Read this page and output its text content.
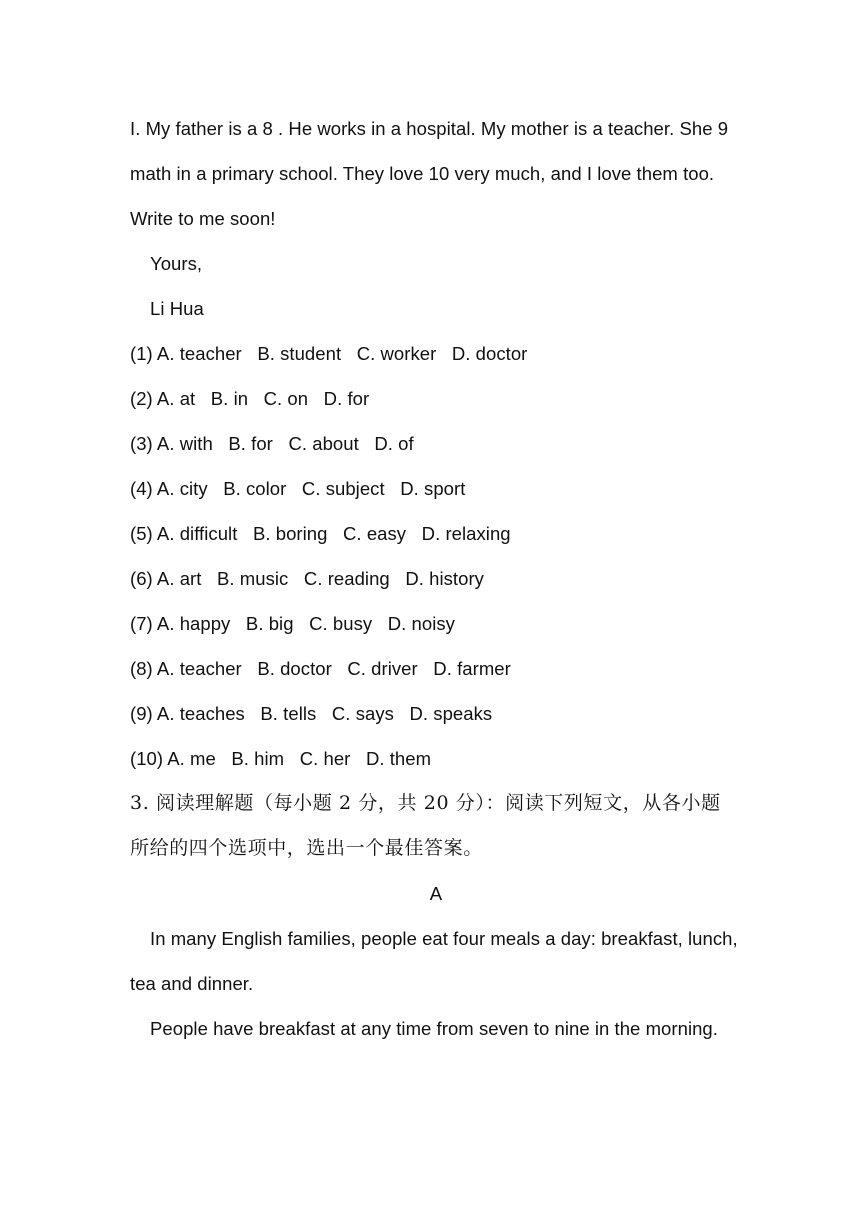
I. My father is a 8 . He works in a hospital. My mother is a teacher. She 9
math in a primary school. They love 10 very much, and I love them too.
Write to me soon!
Yours,
Li Hua
(1) A. teacher   B. student   C. worker   D. doctor
(2) A. at   B. in   C. on   D. for
(3) A. with   B. for   C. about   D. of
(4) A. city   B. color   C. subject   D. sport
(5) A. difficult   B. boring   C. easy   D. relaxing
(6) A. art   B. music   C. reading   D. history
(7) A. happy   B. big   C. busy   D. noisy
(8) A. teacher   B. doctor   C. driver   D. farmer
(9) A. teaches   B. tells   C. says   D. speaks
(10) A. me   B. him   C. her   D. them
3. 阅读理解题（每小题 2 分，共 20 分）：阅读下列短文，从各小题
所给的四个选项中，选出一个最佳答案。
A
In many English families, people eat four meals a day: breakfast, lunch,
tea and dinner.
People have breakfast at any time from seven to nine in the morning.
